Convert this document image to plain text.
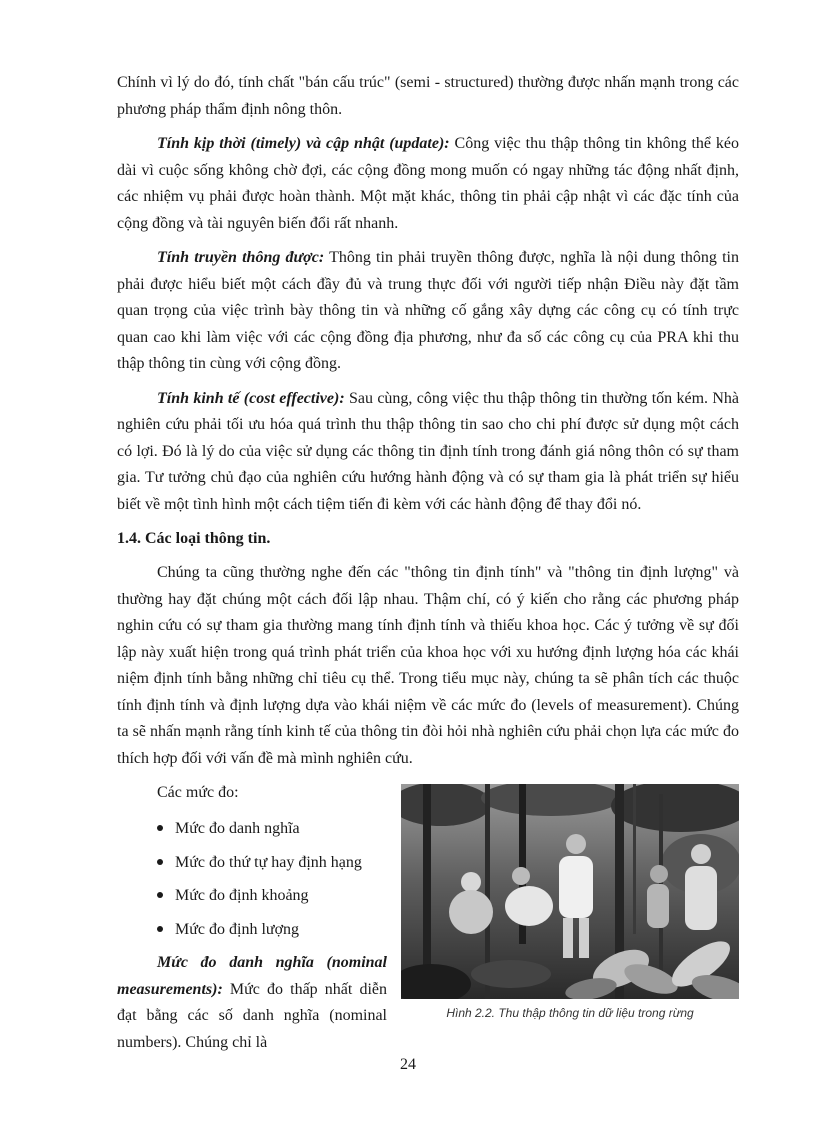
Chính vì lý do đó, tính chất "bán cấu trúc" (semi - structured) thường được nhấn mạnh trong các phương pháp thẩm định nông thôn.

Tính kịp thời (timely) và cập nhật (update): Công việc thu thập thông tin không thể kéo dài vì cuộc sống không chờ đợi, các cộng đồng mong muốn có ngay những tác động nhất định, các nhiệm vụ phải được hoàn thành. Một mặt khác, thông tin phải cập nhật vì các đặc tính của cộng đồng và tài nguyên biến đổi rất nhanh.

Tính truyền thông được: Thông tin phải truyền thông được, nghĩa là nội dung thông tin phải được hiểu biết một cách đầy đủ và trung thực đối với người tiếp nhận Điều này đặt tầm quan trọng của việc trình bày thông tin và những cố gắng xây dựng các công cụ có tính trực quan cao khi làm việc với các cộng đồng địa phương, như đa số các công cụ của PRA khi thu thập thông tin cùng với cộng đồng.

Tính kinh tế (cost effective): Sau cùng, công việc thu thập thông tin thường tốn kém. Nhà nghiên cứu phải tối ưu hóa quá trình thu thập thông tin sao cho chi phí được sử dụng một cách có lợi. Đó là lý do của việc sử dụng các thông tin định tính trong đánh giá nông thôn có sự tham gia. Tư tưởng chủ đạo của nghiên cứu hướng hành động và có sự tham gia là phát triển sự hiểu biết về một tình hình một cách tiệm tiến đi kèm với các hành động để thay đổi nó.

1.4. Các loại thông tin.

Chúng ta cũng thường nghe đến các "thông tin định tính" và "thông tin định lượng" và thường hay đặt chúng một cách đối lập nhau. Thậm chí, có ý kiến cho rằng các phương pháp nghin cứu có sự tham gia thường mang tính định tính và thiếu khoa học. Các ý tưởng về sự đối lập này xuất hiện trong quá trình phát triển của khoa học với xu hướng định lượng hóa các khái niệm định tính bằng những chỉ tiêu cụ thể. Trong tiểu mục này, chúng ta sẽ phân tích các thuộc tính định tính và định lượng dựa vào khái niệm về các mức đo (levels of measurement). Chúng ta sẽ nhấn mạnh rằng tính kinh tế của thông tin đòi hỏi nhà nghiên cứu phải chọn lựa các mức đo thích hợp đối với vấn đề mà mình nghiên cứu.

Các mức đo:
Mức đo danh nghĩa
Mức đo thứ tự hay định hạng
Mức đo định khoảng
Mức đo định lượng

Mức đo danh nghĩa (nominal measurements): Mức đo thấp nhất diễn đạt bằng các số danh nghĩa (nominal numbers). Chúng chỉ là

Hình 2.2. Thu thập thông tin dữ liệu trong rừng
24
